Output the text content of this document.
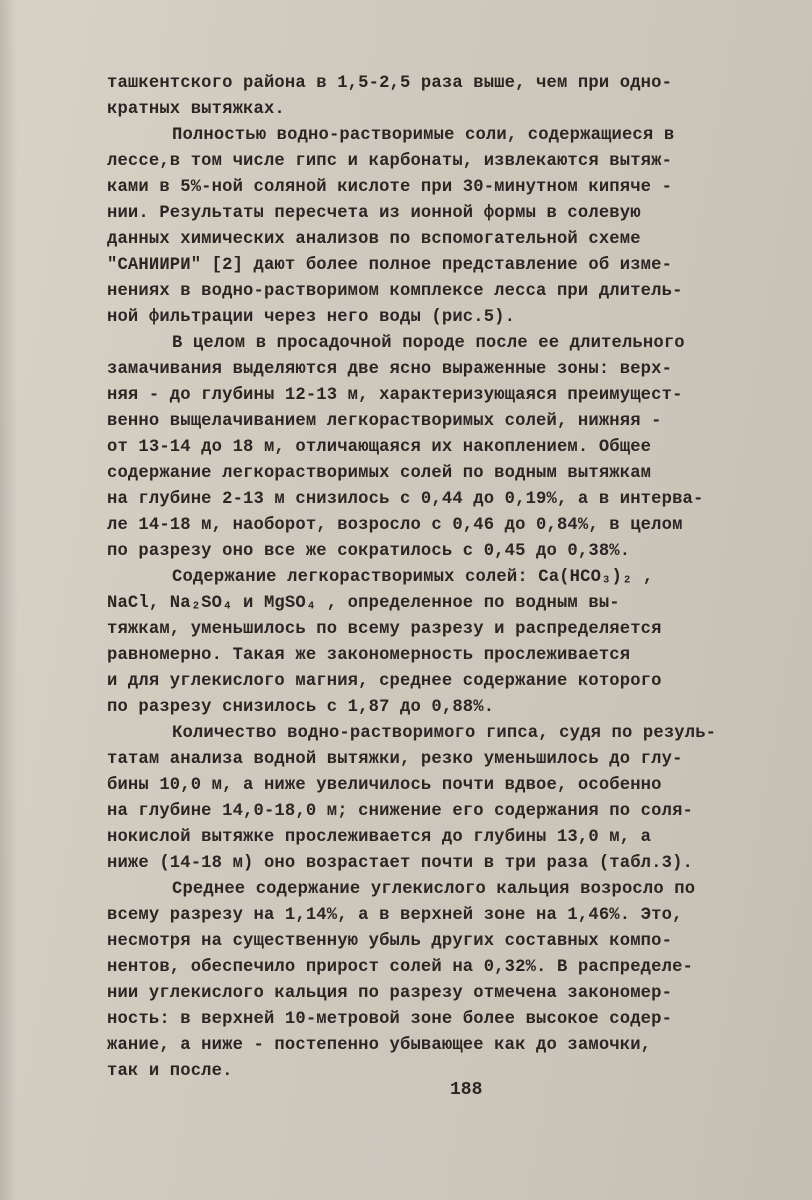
ташкентского района в 1,5-2,5 раза выше, чем при одно-
кратных вытяжках.
Полностью водно-растворимые соли, содержащиеся в
лессе,в том числе гипс и карбонаты, извлекаются вытяж-
ками в 5%-ной соляной кислоте при 30-минутном кипяче -
нии. Результаты пересчета из ионной формы в солевую
данных химических анализов по вспомогательной схеме
"САНИИРИ" [2] дают более полное представление об изме-
нениях в водно-растворимом комплексе лесса при длитель-
ной фильтрации через него воды (рис.5).
В целом в просадочной породе после ее длительного
замачивания выделяются две ясно выраженные зоны: верх-
няя - до глубины 12-13 м, характеризующаяся преимущест-
венно выщелачиванием легкорастворимых солей, нижняя -
от 13-14 до 18 м, отличающаяся их накоплением. Общее
содержание легкорастворимых солей по водным вытяжкам
на глубине 2-13 м снизилось с 0,44 до 0,19%, а в интерва-
ле 14-18 м, наоборот, возросло с 0,46 до 0,84%, в целом
по разрезу оно все же сократилось с 0,45 до 0,38%.
Содержание легкорастворимых солей: Ca(HCO₃)₂ ,
NaCl, Na₂SO₄ и MgSO₄ , определенное по водным вы-
тяжкам, уменьшилось по всему разрезу и распределяется
равномерно. Такая же закономерность прослеживается
и для углекислого магния, среднее содержание которого
по разрезу снизилось с 1,87 до 0,88%.
Количество водно-растворимого гипса, судя по резуль-
татам анализа водной вытяжки, резко уменьшилось до глу-
бины 10,0 м, а ниже увеличилось почти вдвое, особенно
на глубине 14,0-18,0 м; снижение его содержания по соля-
нокислой вытяжке прослеживается до глубины 13,0 м, а
ниже (14-18 м) оно возрастает почти в три раза (табл.3).
Среднее содержание углекислого кальция возросло по
всему разрезу на 1,14%, а в верхней зоне на 1,46%. Это,
несмотря на существенную убыль других составных компо-
нентов, обеспечило прирост солей на 0,32%. В распределе-
нии углекислого кальция по разрезу отмечена закономер-
ность: в верхней 10-метровой зоне более высокое содер-
жание, а ниже - постепенно убывающее как до замочки,
так и после.
188
